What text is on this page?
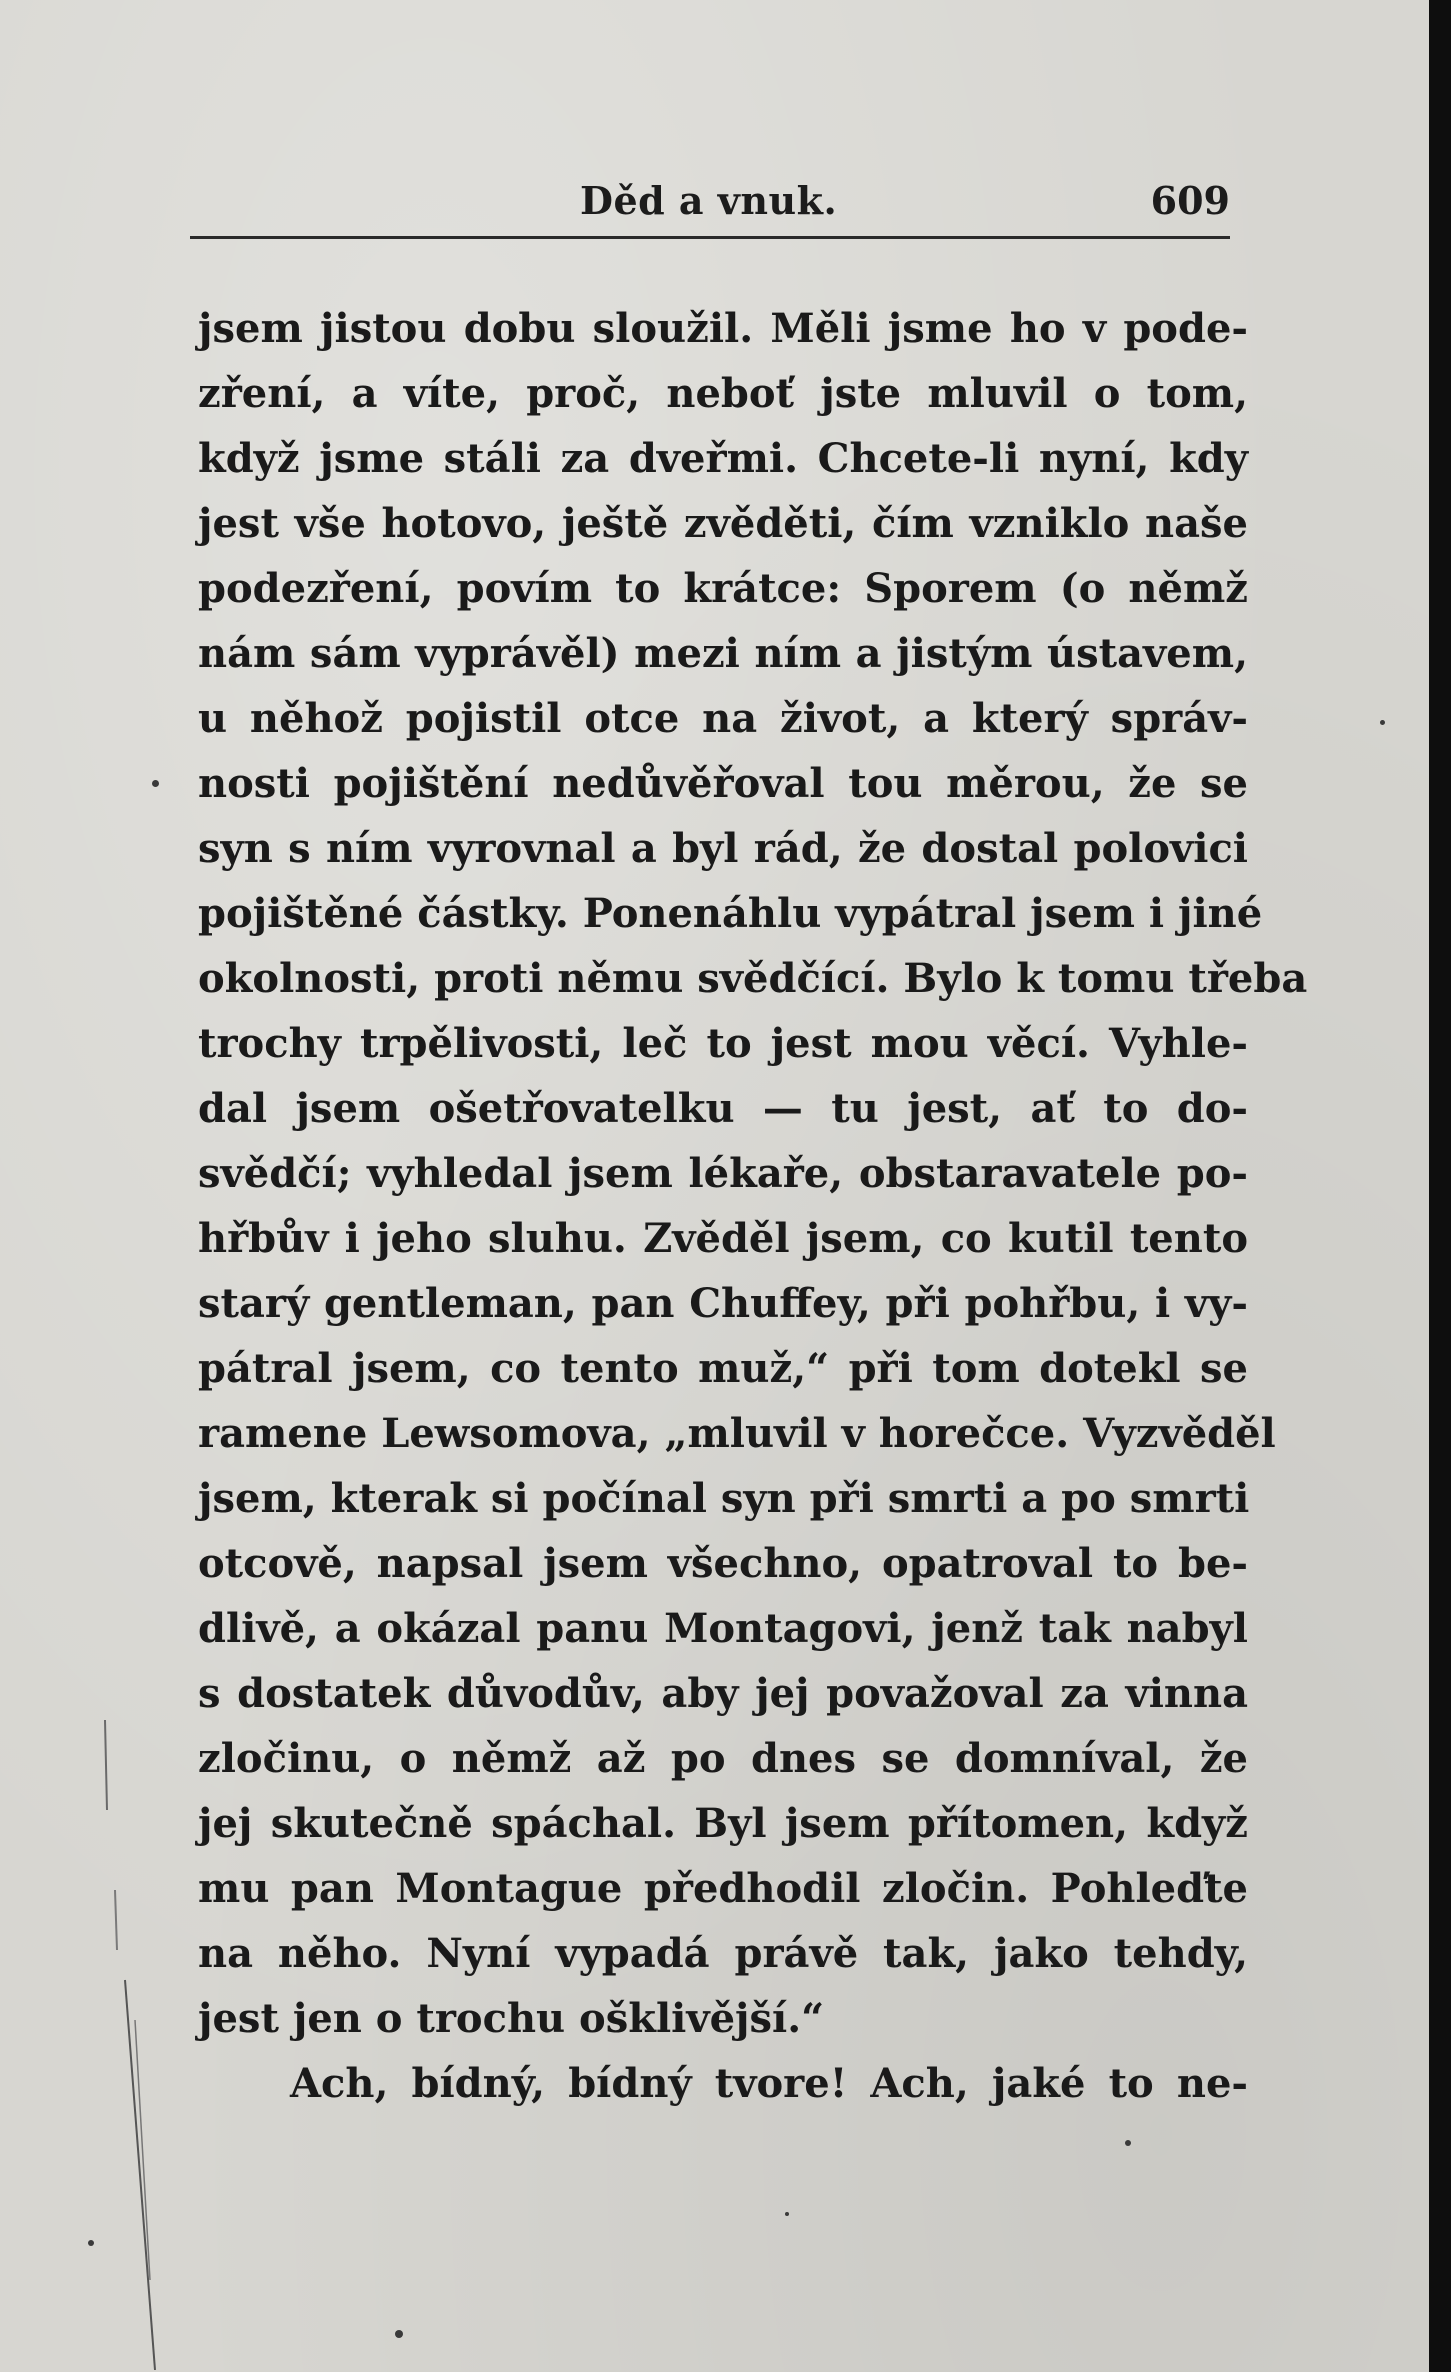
Děd a vnuk.	609
jsem jistou dobu sloužil. Měli jsme ho v pode-
zření, a víte, proč, neboť jste mluvil o tom,
když jsme stáli za dveřmi. Chcete-li nyní, kdy
jest vše hotovo, ještě zvěděti, čím vzniklo naše
podezření, povím to krátce: Sporem (o němž
nám sám vyprávěl) mezi ním a jistým ústavem,
u něhož pojistil otce na život, a který správ-
nosti pojištění nedůvěřoval tou měrou, že se
syn s ním vyrovnal a byl rád, že dostal polovici
pojištěné částky. Ponenáhlu vypátral jsem i jiné
okolnosti, proti němu svědčící. Bylo k tomu třeba
trochy trpělivosti, leč to jest mou věcí. Vyhle-
dal jsem ošetřovatelku — tu jest, ať to do-
svědčí; vyhledal jsem lékaře, obstaravatele po-
hřbův i jeho sluhu. Zvěděl jsem, co kutil tento
starý gentleman, pan Chuffey, při pohřbu, i vy-
pátral jsem, co tento muž,“ při tom dotekl se
ramene Lewsomova, „mluvil v horečce. Vyzvěděl
jsem, kterak si počínal syn při smrti a po smrti
otcově, napsal jsem všechno, opatroval to be-
dlivě, a okázal panu Montagovi, jenž tak nabyl
s dostatek důvodův, aby jej považoval za vinna
zločinu, o němž až po dnes se domníval, že
jej skutečně spáchal. Byl jsem přítomen, když
mu pan Montague předhodil zločin. Pohleďte
na něho. Nyní vypadá právě tak, jako tehdy,
jest jen o trochu ošklivější.“
Ach, bídný, bídný tvore! Ach, jaké to ne-
